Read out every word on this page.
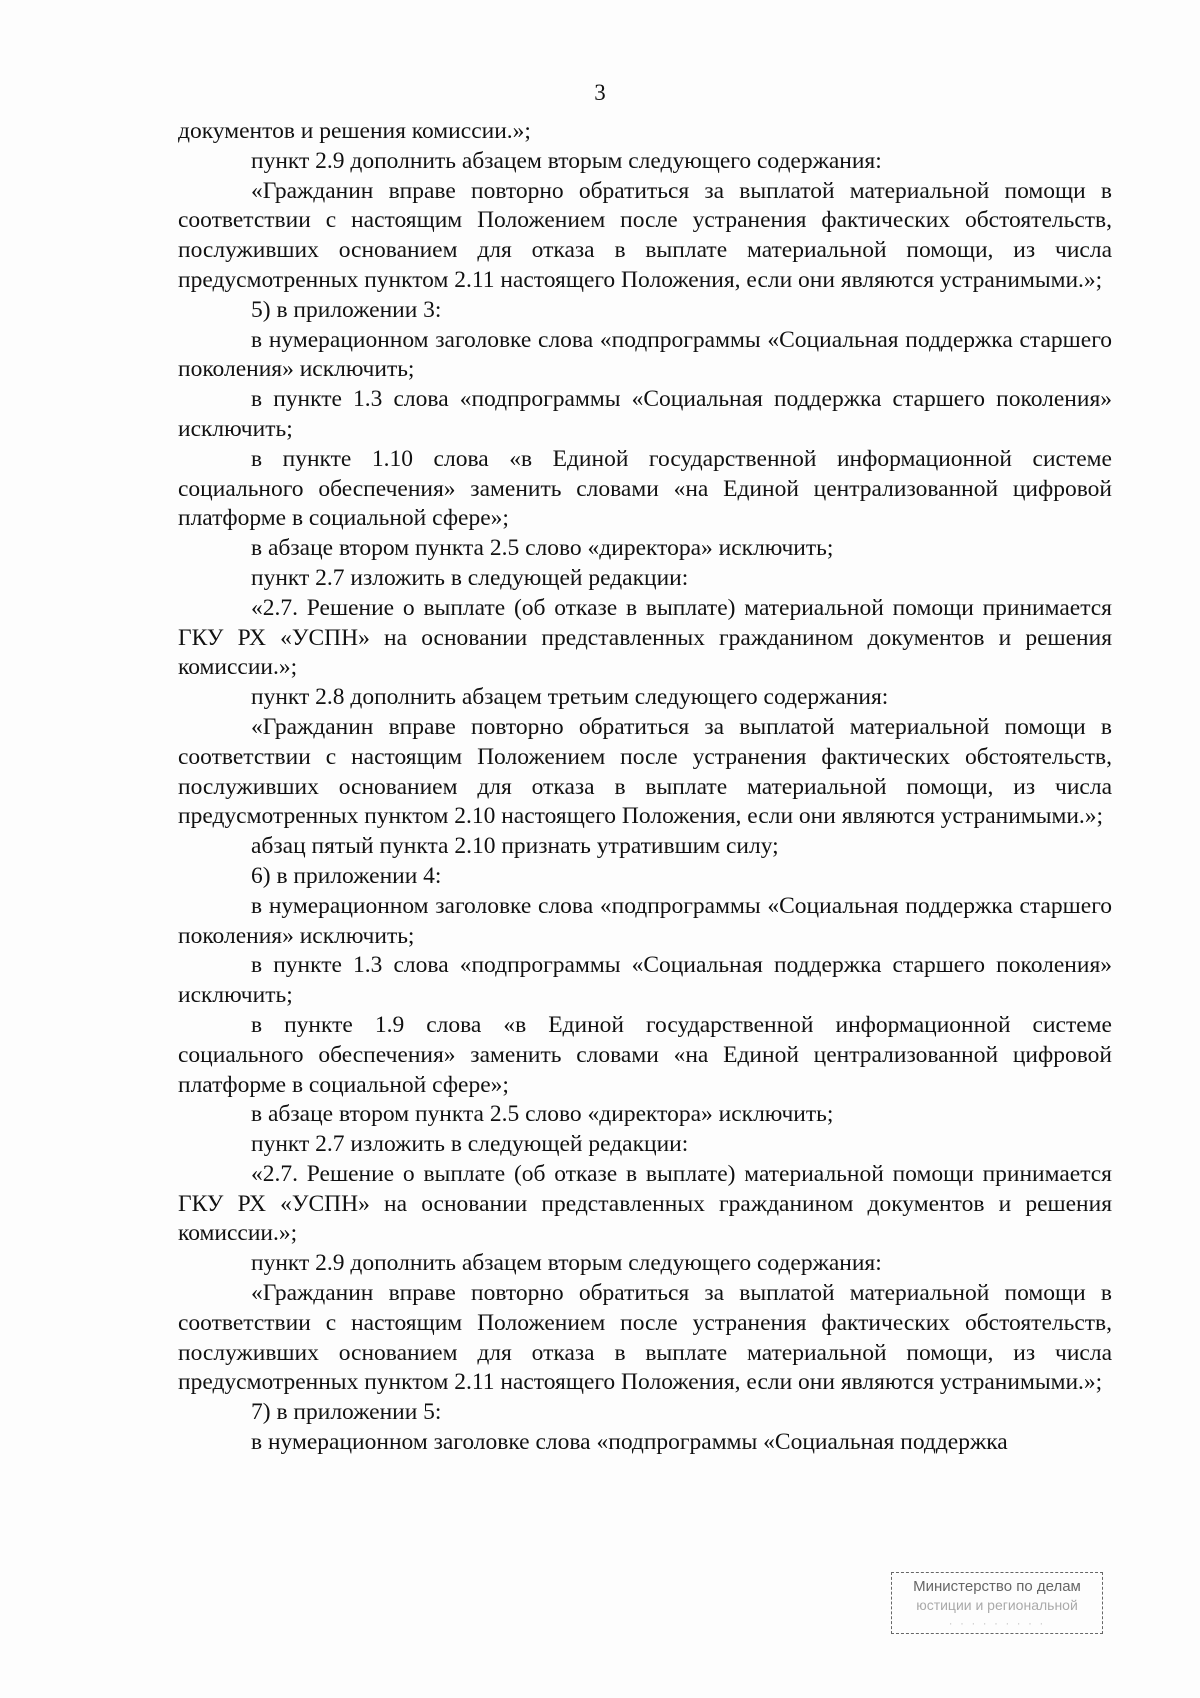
3

документов и решения комиссии.»;

пункт 2.9 дополнить абзацем вторым следующего содержания:

«Гражданин вправе повторно обратиться за выплатой материальной помощи в соответствии с настоящим Положением после устранения фактических обстоятельств, послуживших основанием для отказа в выплате материальной помощи, из числа предусмотренных пунктом 2.11 настоящего Положения, если они являются устранимыми.»;

5) в приложении 3:

в нумерационном заголовке слова «подпрограммы «Социальная поддержка старшего поколения» исключить;

в пункте 1.3 слова «подпрограммы «Социальная поддержка старшего поколения» исключить;

в пункте 1.10 слова «в Единой государственной информационной системе социального обеспечения» заменить словами «на Единой централизованной цифровой платформе в социальной сфере»;

в абзаце втором пункта 2.5 слово «директора» исключить;

пункт 2.7 изложить в следующей редакции:

«2.7. Решение о выплате (об отказе в выплате) материальной помощи принимается ГКУ РХ «УСПН» на основании представленных гражданином документов и решения комиссии.»;

пункт 2.8 дополнить абзацем третьим следующего содержания:

«Гражданин вправе повторно обратиться за выплатой материальной помощи в соответствии с настоящим Положением после устранения фактических обстоятельств, послуживших основанием для отказа в выплате материальной помощи, из числа предусмотренных пунктом 2.10 настоящего Положения, если они являются устранимыми.»;

абзац пятый пункта 2.10 признать утратившим силу;

6) в приложении 4:

в нумерационном заголовке слова «подпрограммы «Социальная поддержка старшего поколения» исключить;

в пункте 1.3 слова «подпрограммы «Социальная поддержка старшего поколения» исключить;

в пункте 1.9 слова «в Единой государственной информационной системе социального обеспечения» заменить словами «на Единой централизованной цифровой платформе в социальной сфере»;

в абзаце втором пункта 2.5 слово «директора» исключить;

пункт 2.7 изложить в следующей редакции:

«2.7. Решение о выплате (об отказе в выплате) материальной помощи принимается ГКУ РХ «УСПН» на основании представленных гражданином документов и решения комиссии.»;

пункт 2.9 дополнить абзацем вторым следующего содержания:

«Гражданин вправе повторно обратиться за выплатой материальной помощи в соответствии с настоящим Положением после устранения фактических обстоятельств, послуживших основанием для отказа в выплате материальной помощи, из числа предусмотренных пунктом 2.11 настоящего Положения, если они являются устранимыми.»;

7) в приложении 5:

в нумерационном заголовке слова «подпрограммы «Социальная поддержка

Министерство по делам
юстиции и региональной
· · · · · · · · ·
